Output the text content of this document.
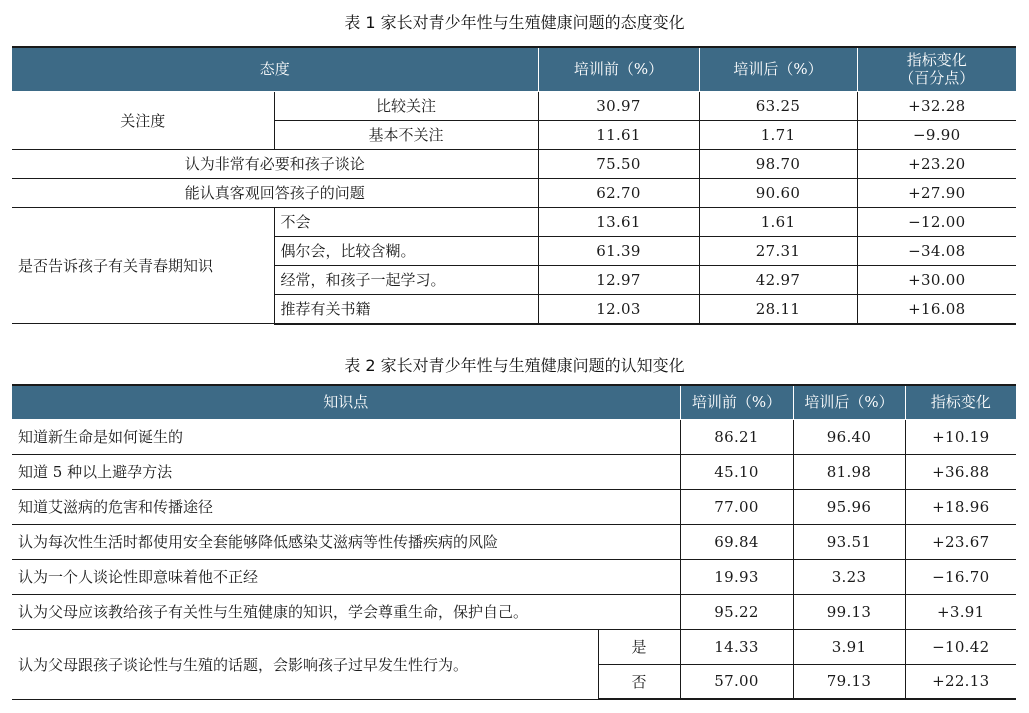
表 1 家长对青少年性与生殖健康问题的态度变化
态度		培训前（%）	培训后（%）	指标变化
（百分点）
关注度	比较关注	30.97	63.25	+32.28
	基本不关注	11.61	1.71	−9.90
认为非常有必要和孩子谈论		75.50	98.70	+23.20
能认真客观回答孩子的问题		62.70	90.60	+27.90
是否告诉孩子有关青春期知识	不会	13.61	1.61	−12.00
	偶尔会，比较含糊。	61.39	27.31	−34.08
	经常，和孩子一起学习。	12.97	42.97	+30.00
	推荐有关书籍	12.03	28.11	+16.08
表 2 家长对青少年性与生殖健康问题的认知变化
知识点		培训前（%）	培训后（%）	指标变化
知道新生命是如何诞生的		86.21	96.40	+10.19
知道 5 种以上避孕方法		45.10	81.98	+36.88
知道艾滋病的危害和传播途径		77.00	95.96	+18.96
认为每次性生活时都使用安全套能够降低感染艾滋病等性传播疾病的风险		69.84	93.51	+23.67
认为一个人谈论性即意味着他不正经		19.93	3.23	−16.70
认为父母应该教给孩子有关性与生殖健康的知识，学会尊重生命，保护自己。		95.22	99.13	+3.91
认为父母跟孩子谈论性与生殖的话题，会影响孩子过早发生性行为。	是	14.33	3.91	−10.42
	否	57.00	79.13	+22.13
